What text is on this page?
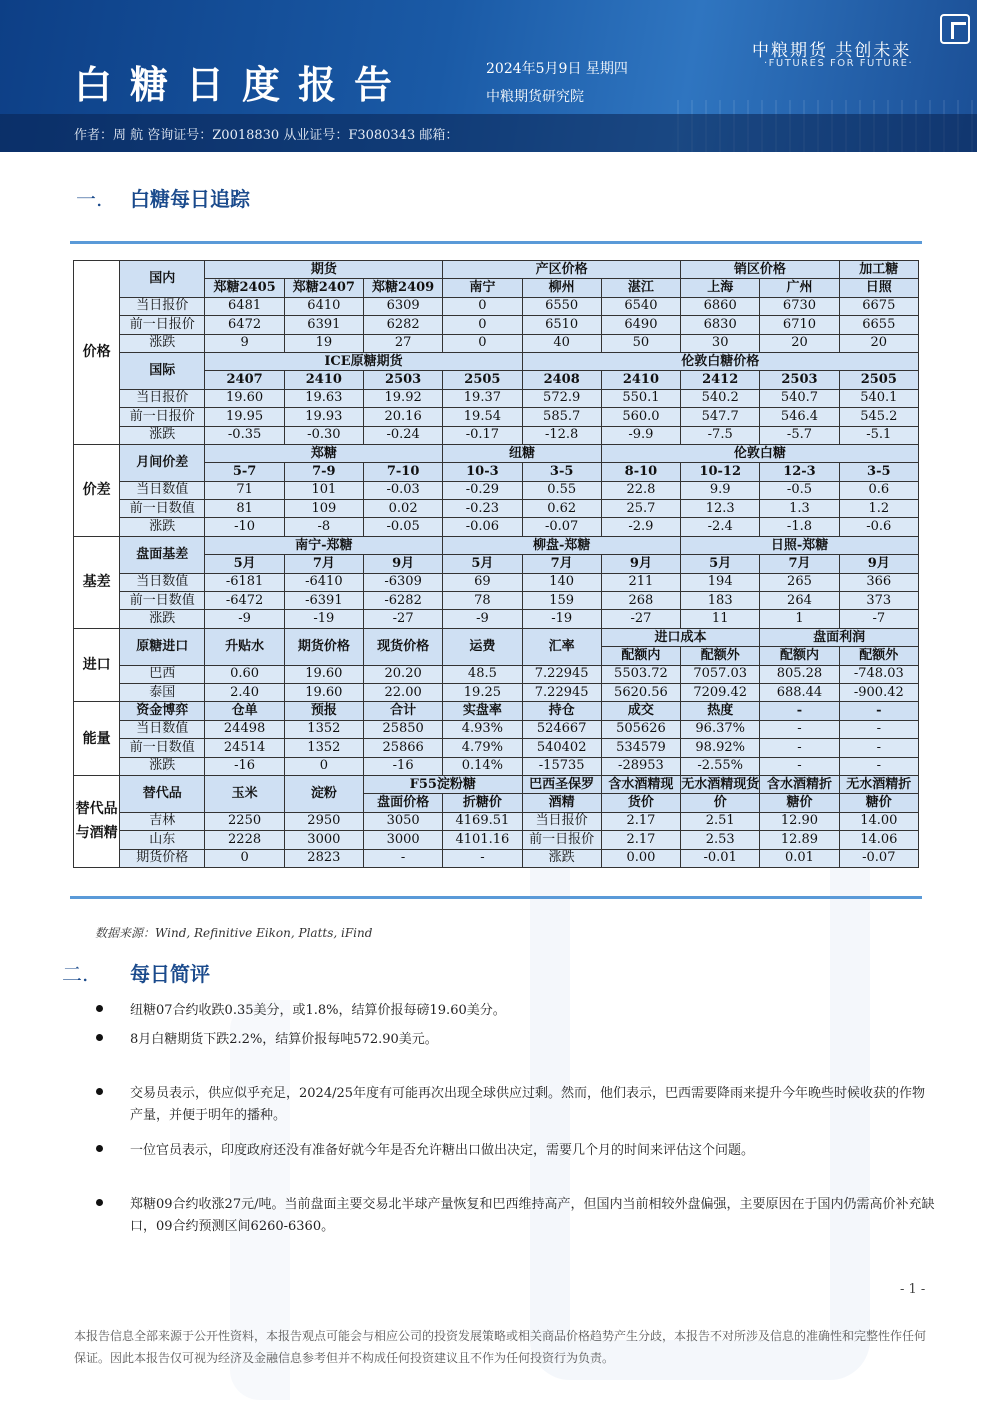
白糖日度报告	2024年5月9日 星期四
中粮期货研究院
中粮期货 共创未来
·FUTURES FOR FUTURE·
作者：周 航 咨询证号：Z0018830 从业证号：F3080343 邮箱：
一. 白糖每日追踪
价格	国内	期货			产区价格			销区价格		加工糖
		郑糖2405	郑糖2407	郑糖2409	南宁	柳州	湛江	上海	广州	日照
	当日报价	6481	6410	6309	0	6550	6540	6860	6730	6675
	前一日报价	6472	6391	6282	0	6510	6490	6830	6710	6655
	涨跌	9	19	27	0	40	50	30	20	20
	国际	ICE原糖期货				伦敦白糖价格				
		2407	2410	2503	2505	2408	2410	2412	2503	2505
	当日报价	19.60	19.63	19.92	19.37	572.9	550.1	540.2	540.7	540.1
	前一日报价	19.95	19.93	20.16	19.54	585.7	560.0	547.7	546.4	545.2
	涨跌	-0.35	-0.30	-0.24	-0.17	-12.8	-9.9	-7.5	-5.7	-5.1
价差	月间价差	郑糖			纽糖		伦敦白糖			
		5-7	7-9	7-10	10-3	3-5	8-10	10-12	12-3	3-5
	当日数值	71	101	-0.03	-0.29	0.55	22.8	9.9	-0.5	0.6
	前一日数值	81	109	0.02	-0.23	0.62	25.7	12.3	1.3	1.2
	涨跌	-10	-8	-0.05	-0.06	-0.07	-2.9	-2.4	-1.8	-0.6
基差	盘面基差	南宁-郑糖			柳盘-郑糖			日照-郑糖		
		5月	7月	9月	5月	7月	9月	5月	7月	9月
	当日数值	-6181	-6410	-6309	69	140	211	194	265	366
	前一日数值	-6472	-6391	-6282	78	159	268	183	264	373
	涨跌	-9	-19	-27	-9	-19	-27	11	1	-7
进口	原糖进口	升贴水	期货价格	现货价格	运费	汇率	进口成本		盘面利润	
							配额内	配额外	配额内	配额外
	巴西	0.60	19.60	20.20	48.5	7.22945	5503.72	7057.03	805.28	-748.03
	泰国	2.40	19.60	22.00	19.25	7.22945	5620.56	7209.42	688.44	-900.42
能量	资金博弈	仓单	预报	合计	实盘率	持仓	成交	热度	-	-
	当日数值	24498	1352	25850	4.93%	524667	505626	96.37%	-	-
	前一日数值	24514	1352	25866	4.79%	540402	534579	98.92%	-	-
	涨跌	-16	0	-16	0.14%	-15735	-28953	-2.55%	-	-
替代品与酒精	替代品	玉米	淀粉	F55淀粉糖		巴西圣保罗	含水酒精现	无水酒精现货	含水酒精折	无水酒精折
				盘面价格	折糖价	酒精	货价	价	糖价	糖价
	吉林	2250	2950	3050	4169.51	当日报价	2.17	2.51	12.90	14.00
	山东	2228	3000	3000	4101.16	前一日报价	2.17	2.53	12.89	14.06
	期货价格	0	2823	-	-	涨跌	0.00	-0.01	0.01	-0.07
数据来源：Wind, Refinitive Eikon, Platts, iFind
二. 每日简评
纽糖07合约收跌0.35美分，或1.8%，结算价报每磅19.60美分。
8月白糖期货下跌2.2%，结算价报每吨572.90美元。
交易员表示，供应似乎充足，2024/25年度有可能再次出现全球供应过剩。然而，他们表示，巴西需要降雨来提升今年晚些时候收获的作物产量，并便于明年的播种。
一位官员表示，印度政府还没有准备好就今年是否允许糖出口做出决定，需要几个月的时间来评估这个问题。
郑糖09合约收涨27元/吨。当前盘面主要交易北半球产量恢复和巴西维持高产，但国内当前相较外盘偏强，主要原因在于国内仍需高价补充缺口，09合约预测区间6260-6360。
- 1 -
本报告信息全部来源于公开性资料，本报告观点可能会与相应公司的投资发展策略或相关商品价格趋势产生分歧，本报告不对所涉及信息的准确性和完整性作任何保证。因此本报告仅可视为经济及金融信息参考但并不构成任何投资建议且不作为任何投资行为负责。
